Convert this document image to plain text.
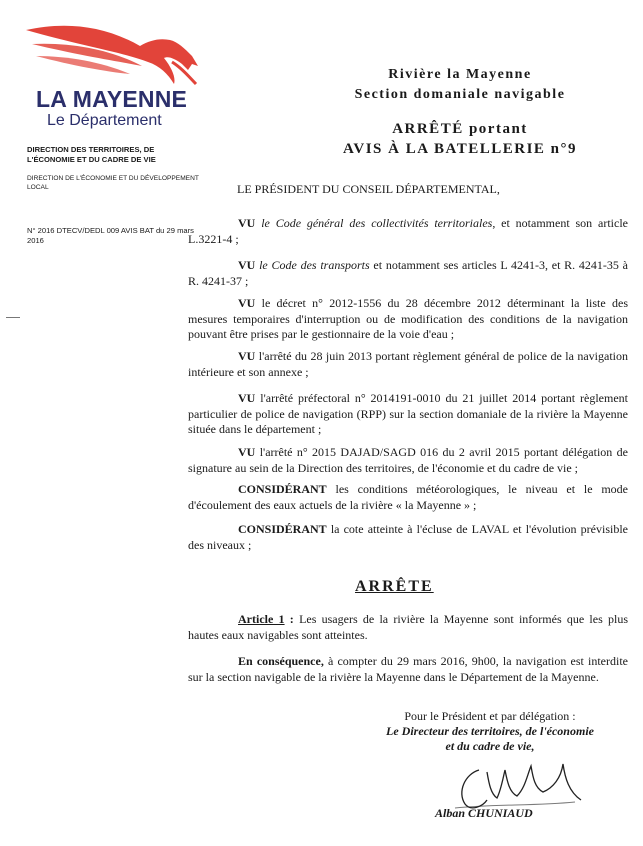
LA MAYENNE
Le Département
DIRECTION DES TERRITOIRES, DE L'ÉCONOMIE ET DU CADRE DE VIE
DIRECTION DE L'ÉCONOMIE ET DU DÉVELOPPEMENT LOCAL
N° 2016 DTECV/DEDL 009 AVIS BAT du 29 mars 2016
Rivière la Mayenne
Section domaniale navigable
ARRÊTÉ portant
AVIS À LA BATELLERIE n°9
LE PRÉSIDENT DU CONSEIL DÉPARTEMENTAL,

VU le Code général des collectivités territoriales, et notamment son article L.3221-4 ;

VU le Code des transports et notamment ses articles L 4241-3, et R. 4241-35 à R. 4241-37 ;

VU le décret n° 2012-1556 du 28 décembre 2012 déterminant la liste des mesures temporaires d'interruption ou de modification des conditions de la navigation pouvant être prises par le gestionnaire de la voie d'eau ;

VU l'arrêté du 28 juin 2013 portant règlement général de police de la navigation intérieure et son annexe ;

VU l'arrêté préfectoral n° 2014191-0010 du 21 juillet 2014 portant règlement particulier de police de navigation (RPP) sur la section domaniale de la rivière la Mayenne située dans le département ;

VU l'arrêté n° 2015 DAJAD/SAGD 016 du 2 avril 2015 portant délégation de signature au sein de la Direction des territoires, de l'économie et du cadre de vie ;

CONSIDÉRANT les conditions météorologiques, le niveau et le mode d'écoulement des eaux actuels de la rivière « la Mayenne » ;

CONSIDÉRANT la cote atteinte à l'écluse de LAVAL et l'évolution prévisible des niveaux ;

ARRÊTE

Article 1 : Les usagers de la rivière la Mayenne sont informés que les plus hautes eaux navigables sont atteintes.

En conséquence, à compter du 29 mars 2016, 9h00, la navigation est interdite sur la section navigable de la rivière la Mayenne dans le Département de la Mayenne.

Pour le Président et par délégation :
Le Directeur des territoires, de l'économie
et du cadre de vie,
Alban CHUNIAUD
